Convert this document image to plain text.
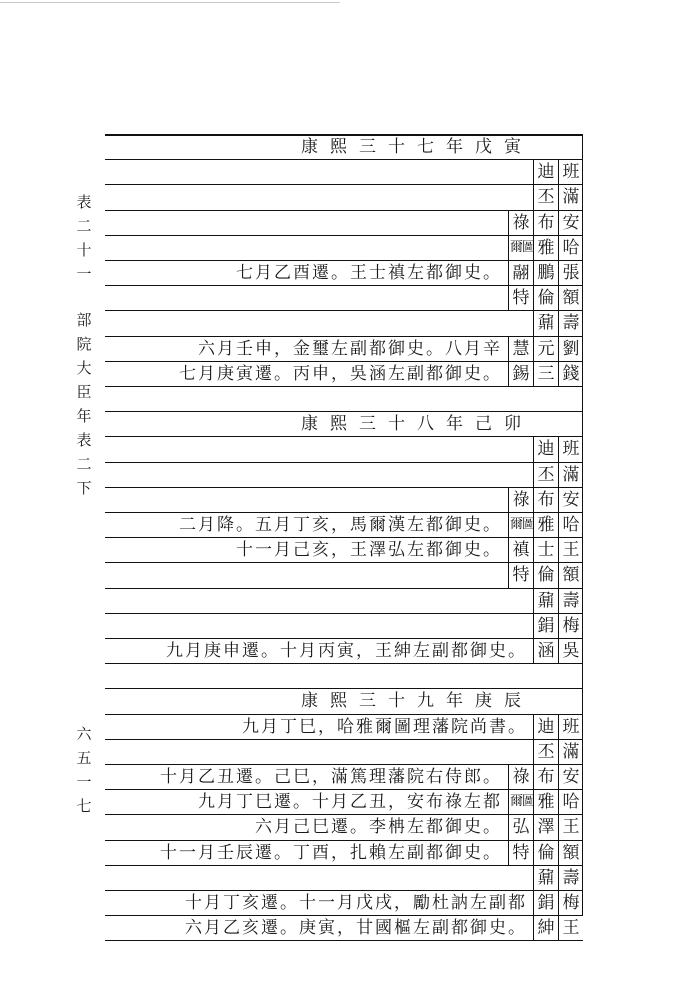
表
二
十
一
部
院
大
臣
年
表
二
下
六
五
一
七
康熙三十七年戊寅
班
迪
滿
丕
安
布
祿
哈
雅
爾圖
張
鵬
翮
七月乙酉遷。王士禛左都御史。
額
倫
特
壽
鼐
劉
元
慧
六月壬申，金璽左副都御史。八月辛
錢
三
錫
七月庚寅遷。丙申，吳涵左副都御史。
康熙三十八年己卯
班
迪
滿
丕
安
布
祿
哈
雅
爾圖
二月降。五月丁亥，馬爾漢左都御史。
王
士
禛
十一月己亥，王澤弘左都御史。
額
倫
特
壽
鼐
梅
鋗
吳
涵
九月庚申遷。十月丙寅，王紳左副都御史。
康熙三十九年庚辰
班
迪
九月丁巳，哈雅爾圖理藩院尚書。
滿
丕
安
布
祿
十月乙丑遷。己巳，滿篤理藩院右侍郎。
哈
雅
爾圖
九月丁巳遷。十月乙丑，安布祿左都
王
澤
弘
六月己巳遷。李柟左都御史。
額
倫
特
十一月壬辰遷。丁酉，扎賴左副都御史。
壽
鼐
梅
鋗
十月丁亥遷。十一月戊戌，勵杜訥左副都
王
紳
六月乙亥遷。庚寅，甘國樞左副都御史。
